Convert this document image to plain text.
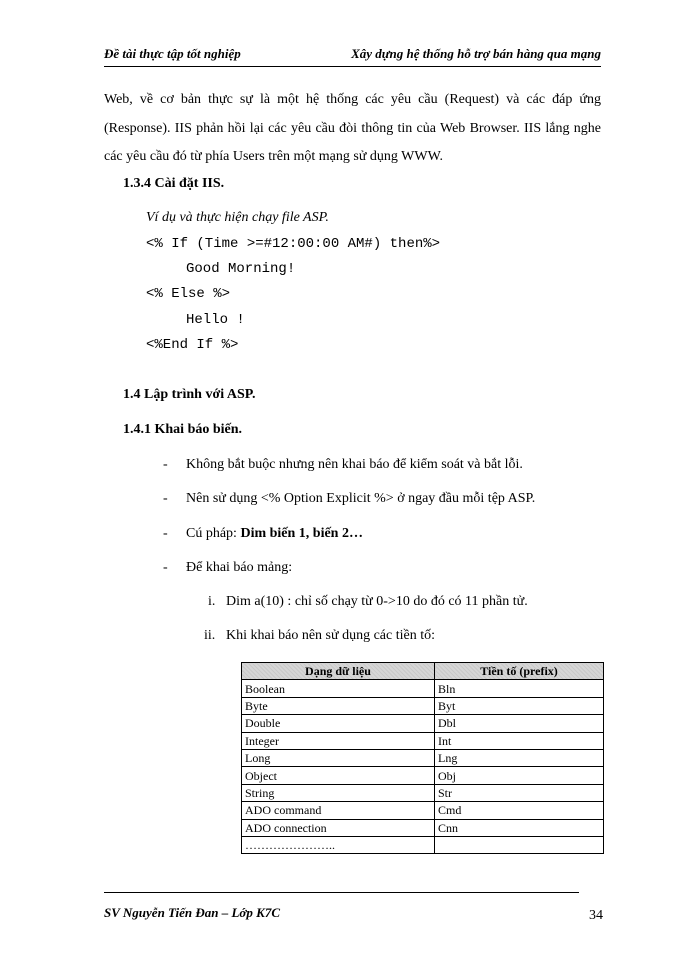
Đề tài thực tập tốt nghiệp	Xây dựng hệ thống hỗ trợ bán hàng qua mạng
Web, về cơ bản thực sự là một hệ thống các yêu cầu (Request) và các đáp ứng (Response). IIS phản hồi lại các yêu cầu đòi thông tin của Web Browser. IIS lắng nghe các yêu cầu đó từ phía Users trên một mạng sử dụng WWW.
1.3.4 Cài đặt IIS.
Ví dụ và thực hiện chạy file ASP.
<% If (Time >=#12:00:00 AM#) then%>
Good Morning!
<% Else %>
Hello !
<%End If %>
1.4 Lập trình với ASP.
1.4.1 Khai báo biến.
- Không bắt buộc nhưng nên khai báo để kiểm soát và bắt lỗi.
- Nên sử dụng <% Option Explicit %> ở ngay đầu mỗi tệp ASP.
- Cú pháp: Dim biến 1, biến 2…
- Để khai báo mảng:
i. Dim a(10) : chỉ số chạy từ 0->10 do đó có 11 phần tử.
ii. Khi khai báo nên sử dụng các tiền tố:
Dạng dữ liệu	Tiền tố (prefix)
Boolean	Bln
Byte	Byt
Double	Dbl
Integer	Int
Long	Lng
Object	Obj
String	Str
ADO command	Cmd
ADO connection	Cnn
…………………..	
SV Nguyễn Tiến Đan – Lớp K7C	34
